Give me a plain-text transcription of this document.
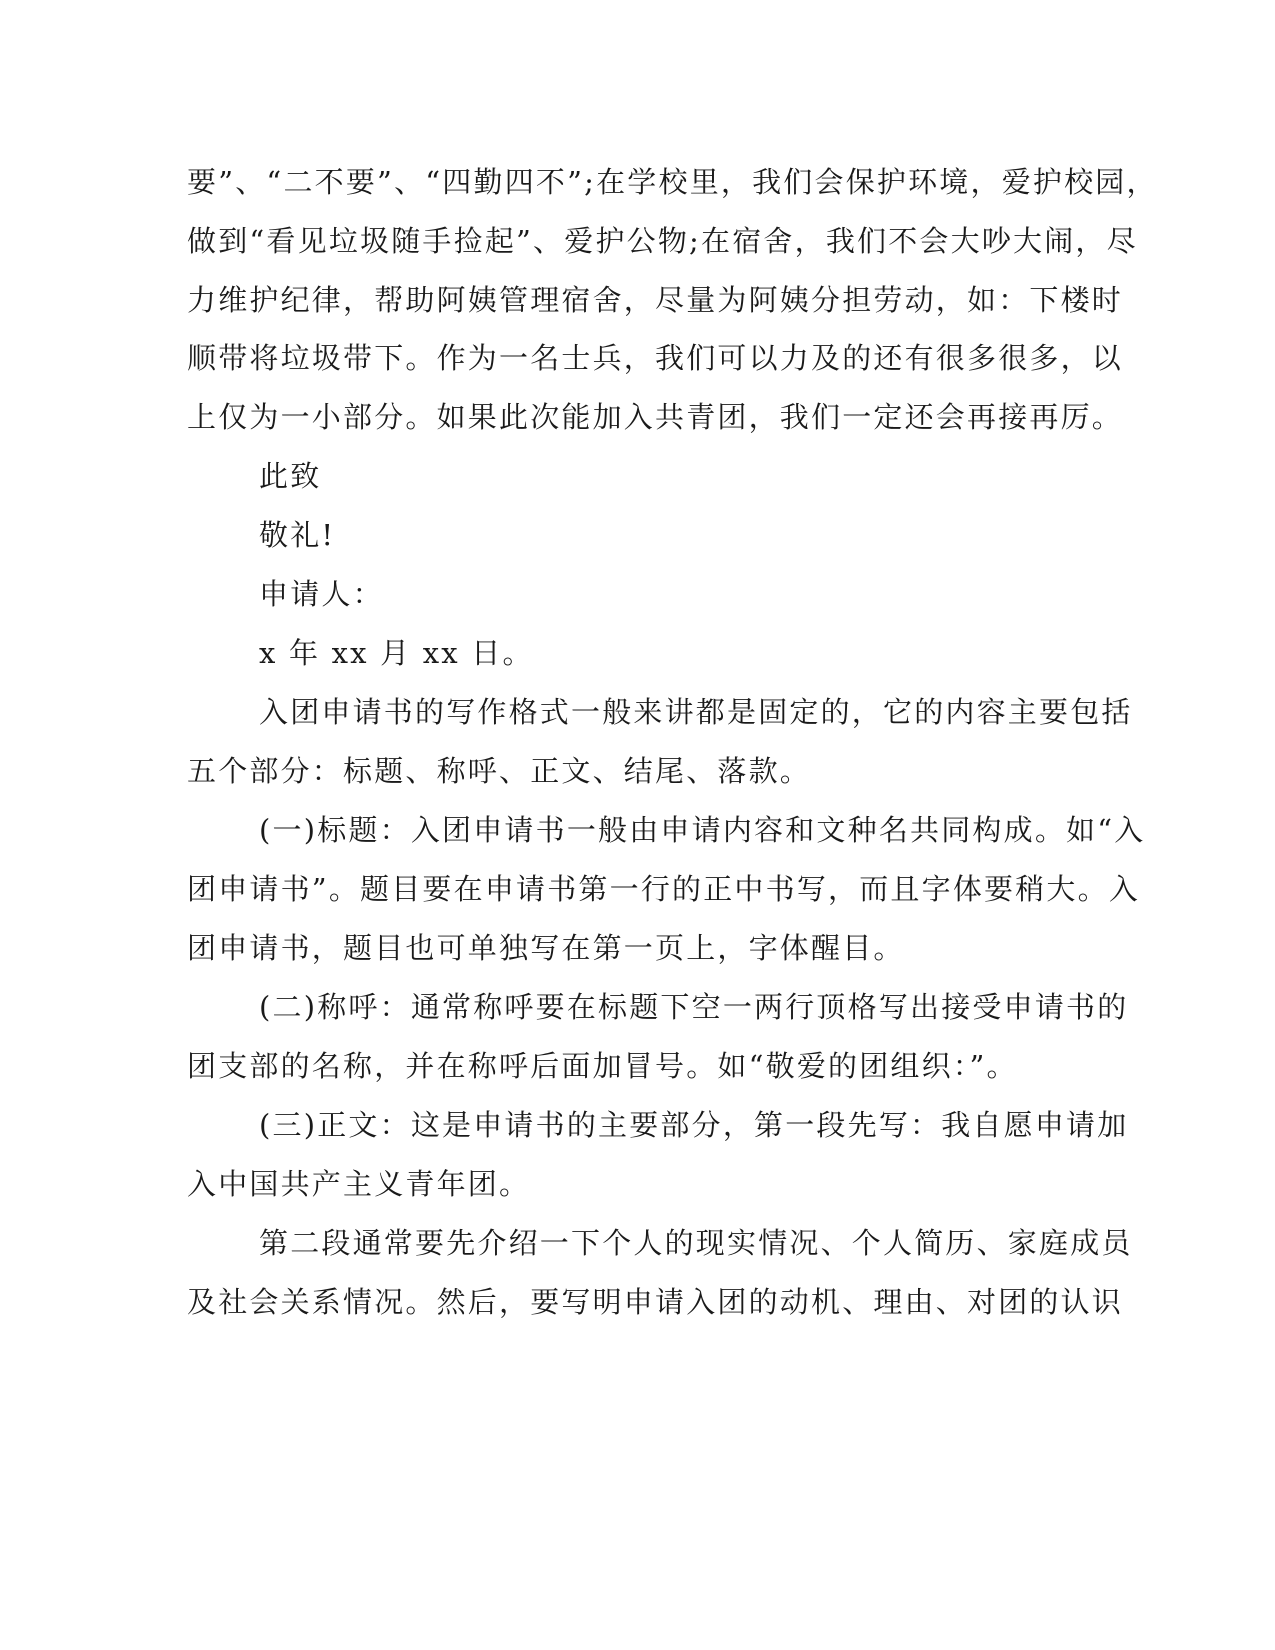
要”、“二不要”、“四勤四不”;在学校里，我们会保护环境，爱护校园，
做到“看见垃圾随手捡起”、爱护公物;在宿舍，我们不会大吵大闹，尽
力维护纪律，帮助阿姨管理宿舍，尽量为阿姨分担劳动，如：下楼时
顺带将垃圾带下。作为一名士兵，我们可以力及的还有很多很多，以
上仅为一小部分。如果此次能加入共青团，我们一定还会再接再厉。
此致
敬礼!
申请人：
x 年 xx 月 xx 日。
入团申请书的写作格式一般来讲都是固定的，它的内容主要包括
五个部分：标题、称呼、正文、结尾、落款。
(一)标题：入团申请书一般由申请内容和文种名共同构成。如“入
团申请书”。题目要在申请书第一行的正中书写，而且字体要稍大。入
团申请书，题目也可单独写在第一页上，字体醒目。
(二)称呼：通常称呼要在标题下空一两行顶格写出接受申请书的
团支部的名称，并在称呼后面加冒号。如“敬爱的团组织：”。
(三)正文：这是申请书的主要部分，第一段先写：我自愿申请加
入中国共产主义青年团。
第二段通常要先介绍一下个人的现实情况、个人简历、家庭成员
及社会关系情况。然后，要写明申请入团的动机、理由、对团的认识
